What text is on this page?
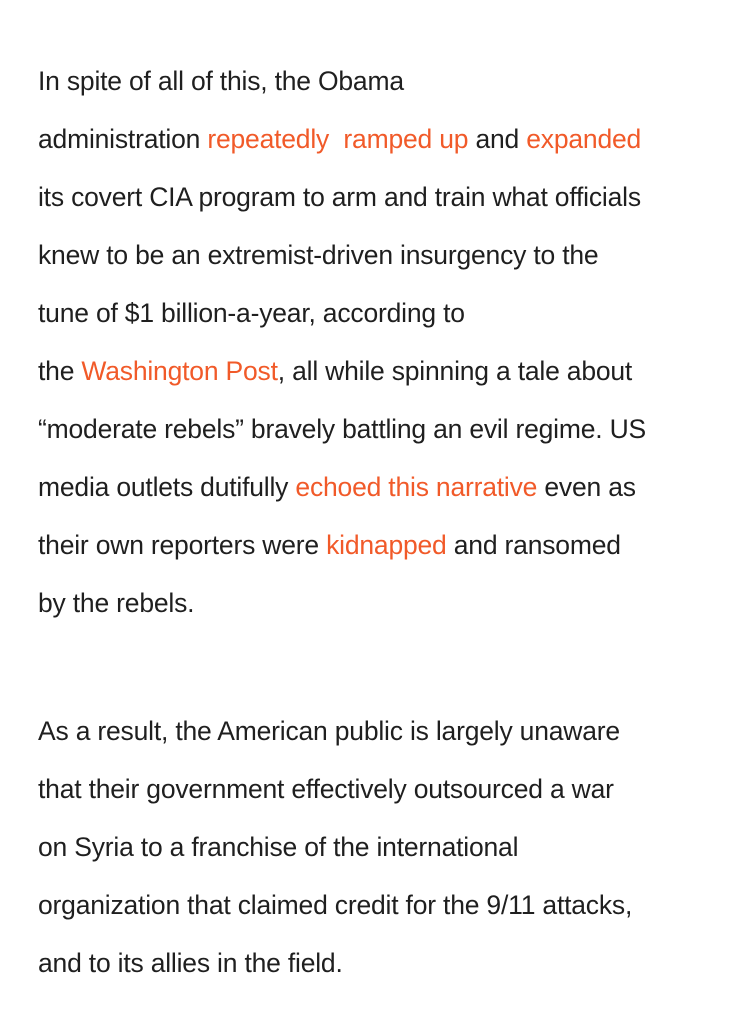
In spite of all of this, the Obama
administration repeatedly ramped up and expanded
its covert CIA program to arm and train what officials
knew to be an extremist-driven insurgency to the
tune of $1 billion-a-year, according to
the Washington Post, all while spinning a tale about
“moderate rebels” bravely battling an evil regime. US
media outlets dutifully echoed this narrative even as
their own reporters were kidnapped and ransomed
by the rebels.
As a result, the American public is largely unaware
that their government effectively outsourced a war
on Syria to a franchise of the international
organization that claimed credit for the 9/11 attacks,
and to its allies in the field.
